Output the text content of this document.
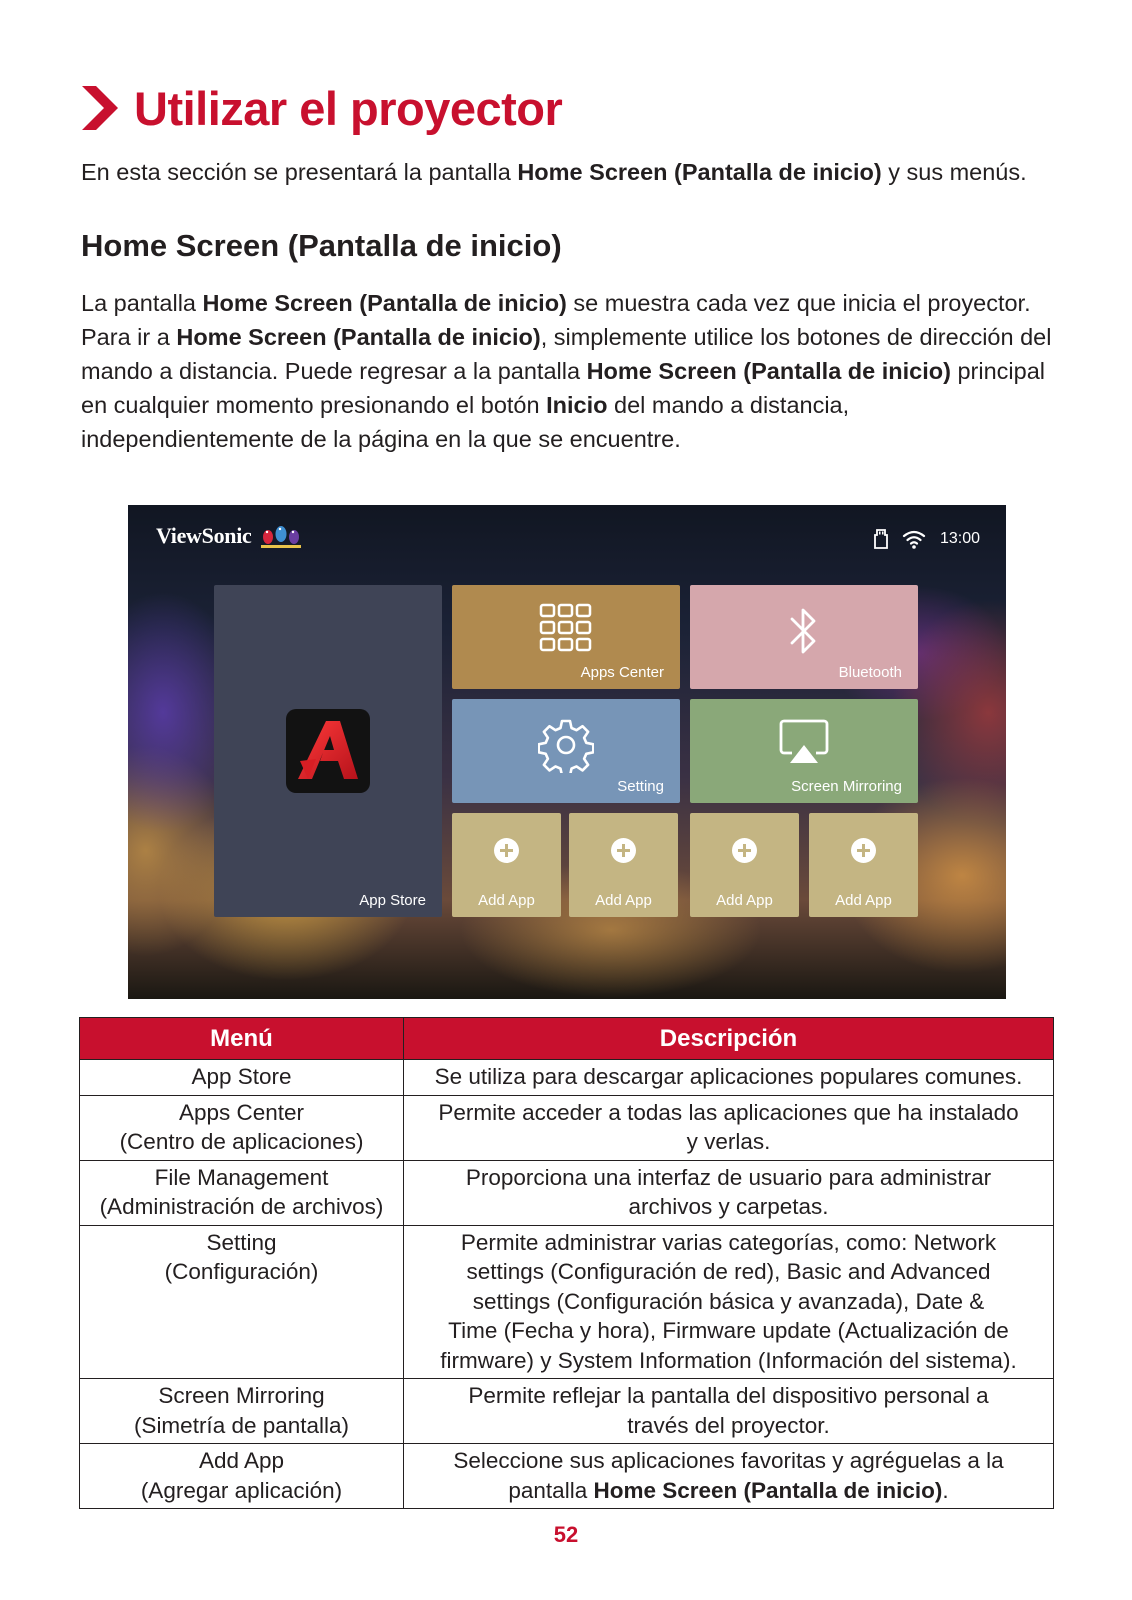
Utilizar el proyector

En esta sección se presentará la pantalla Home Screen (Pantalla de inicio) y sus menús.

Home Screen (Pantalla de inicio)

La pantalla Home Screen (Pantalla de inicio) se muestra cada vez que inicia el proyector. Para ir a Home Screen (Pantalla de inicio), simplemente utilice los botones de dirección del mando a distancia. Puede regresar a la pantalla Home Screen (Pantalla de inicio) principal en cualquier momento presionando el botón Inicio del mando a distancia, independientemente de la página en la que se encuentre.

ViewSonic	13:00
App Store
Apps Center	Bluetooth
Setting	Screen Mirroring
Add App	Add App	Add App	Add App
Menú	Descripción

App Store	Se utiliza para descargar aplicaciones populares comunes.

Apps Center
(Centro de aplicaciones)	Permite acceder a todas las aplicaciones que ha instalado
y verlas.

File Management
(Administración de archivos)	Proporciona una interfaz de usuario para administrar
archivos y carpetas.

Setting
(Configuración)	Permite administrar varias categorías, como: Network
settings (Configuración de red), Basic and Advanced
settings (Configuración básica y avanzada), Date &
Time (Fecha y hora), Firmware update (Actualización de
firmware) y System Information (Información del sistema).

Screen Mirroring
(Simetría de pantalla)	Permite reflejar la pantalla del dispositivo personal a
través del proyector.

Add App
(Agregar aplicación)	Seleccione sus aplicaciones favoritas y agréguelas a la
pantalla Home Screen (Pantalla de inicio).
52
